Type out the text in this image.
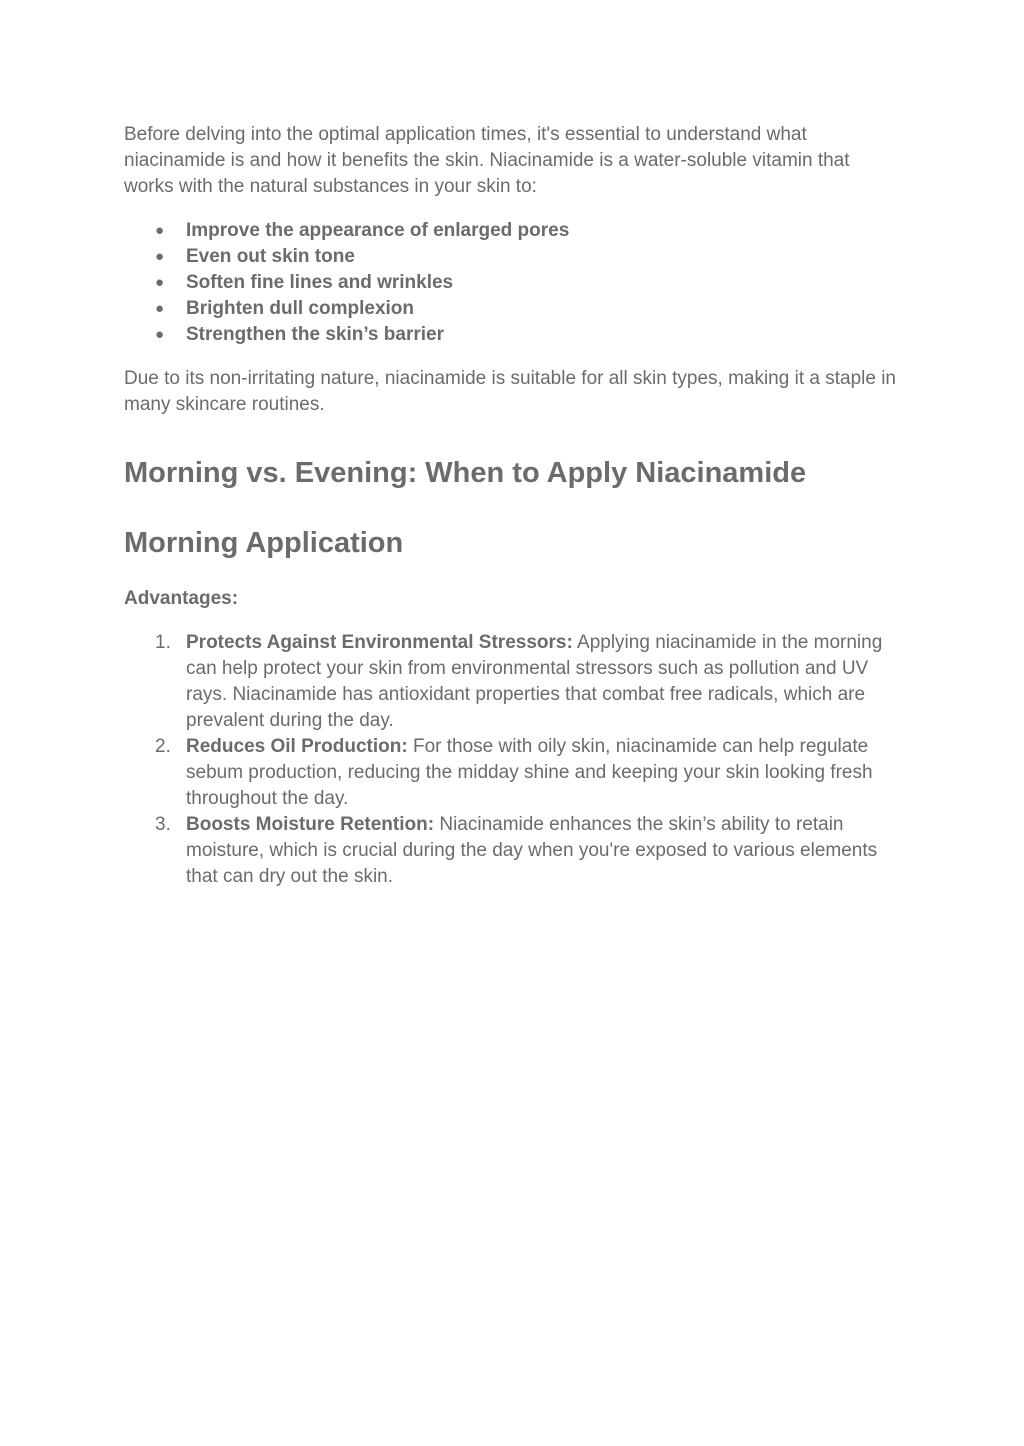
Before delving into the optimal application times, it's essential to understand what niacinamide is and how it benefits the skin. Niacinamide is a water-soluble vitamin that works with the natural substances in your skin to:

● Improve the appearance of enlarged pores
● Even out skin tone
● Soften fine lines and wrinkles
● Brighten dull complexion
● Strengthen the skin’s barrier

Due to its non-irritating nature, niacinamide is suitable for all skin types, making it a staple in many skincare routines.

Morning vs. Evening: When to Apply Niacinamide
Morning Application

Advantages:

1. Protects Against Environmental Stressors: Applying niacinamide in the morning can help protect your skin from environmental stressors such as pollution and UV rays. Niacinamide has antioxidant properties that combat free radicals, which are prevalent during the day.
2. Reduces Oil Production: For those with oily skin, niacinamide can help regulate sebum production, reducing the midday shine and keeping your skin looking fresh throughout the day.
3. Boosts Moisture Retention: Niacinamide enhances the skin’s ability to retain moisture, which is crucial during the day when you're exposed to various elements that can dry out the skin.
